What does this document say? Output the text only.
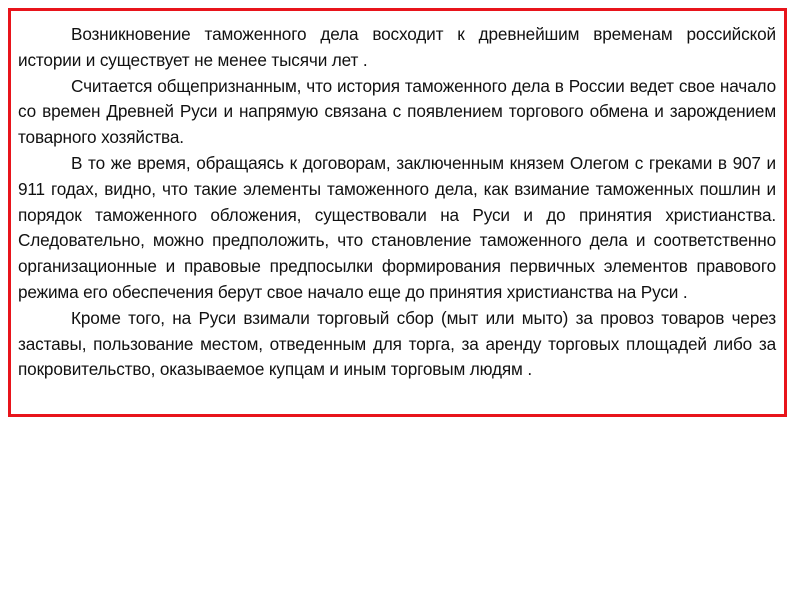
Возникновение таможенного дела восходит к древнейшим временам российской истории и существует не менее тысячи лет .

Считается общепризнанным, что история таможенного дела в России ведет свое начало со времен Древней Руси и напрямую связана с появлением торгового обмена и зарождением товарного хозяйства.

В то же время, обращаясь к договорам, заключенным князем Олегом с греками в 907 и 911 годах, видно, что такие элементы таможенного дела, как взимание таможенных пошлин и порядок таможенного обложения, существовали на Руси и до принятия христианства. Следовательно, можно предположить, что становление таможенного дела и соответственно организационные и правовые предпосылки формирования первичных элементов правового режима его обеспечения берут свое начало еще до принятия христианства на Руси .

Кроме того, на Руси взимали торговый сбор (мыт или мыто) за провоз товаров через заставы, пользование местом, отведенным для торга, за аренду торговых площадей либо за покровительство, оказываемое купцам и иным торговым людям .
